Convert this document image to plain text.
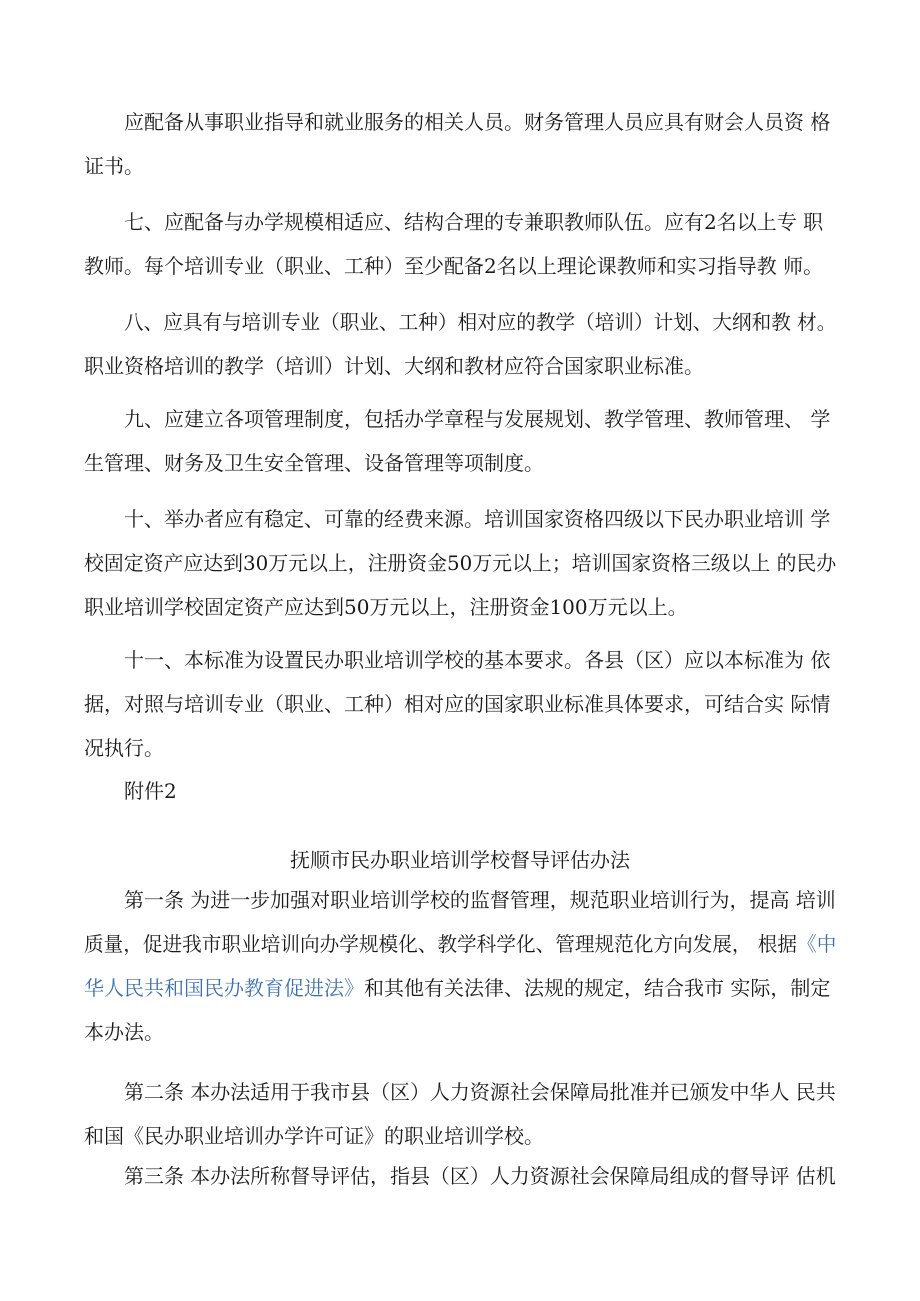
应配备从事职业指导和就业服务的相关人员。财务管理人员应具有财会人员资 格
证书。
七、应配备与办学规模相适应、结构合理的专兼职教师队伍。应有2名以上专 职
教师。每个培训专业（职业、工种）至少配备2名以上理论课教师和实习指导教 师。
八、应具有与培训专业（职业、工种）相对应的教学（培训）计划、大纲和教 材。
职业资格培训的教学（培训）计划、大纲和教材应符合国家职业标准。
九、应建立各项管理制度，包括办学章程与发展规划、教学管理、教师管理、 学
生管理、财务及卫生安全管理、设备管理等项制度。
十、举办者应有稳定、可靠的经费来源。培训国家资格四级以下民办职业培训 学
校固定资产应达到30万元以上，注册资金50万元以上；培训国家资格三级以上 的民办
职业培训学校固定资产应达到50万元以上，注册资金100万元以上。
十一、本标准为设置民办职业培训学校的基本要求。各县（区）应以本标准为 依
据，对照与培训专业（职业、工种）相对应的国家职业标准具体要求，可结合实 际情
况执行。
附件2
抚顺市民办职业培训学校督导评估办法
第一条 为进一步加强对职业培训学校的监督管理，规范职业培训行为，提高 培训
质量，促进我市职业培训向办学规模化、教学科学化、管理规范化方向发展， 根据《中
华人民共和国民办教育促进法》和其他有关法律、法规的规定，结合我市 实际，制定
本办法。
第二条 本办法适用于我市县（区）人力资源社会保障局批准并已颁发中华人 民共
和国《民办职业培训办学许可证》的职业培训学校。
第三条 本办法所称督导评估，指县（区）人力资源社会保障局组成的督导评 估机
